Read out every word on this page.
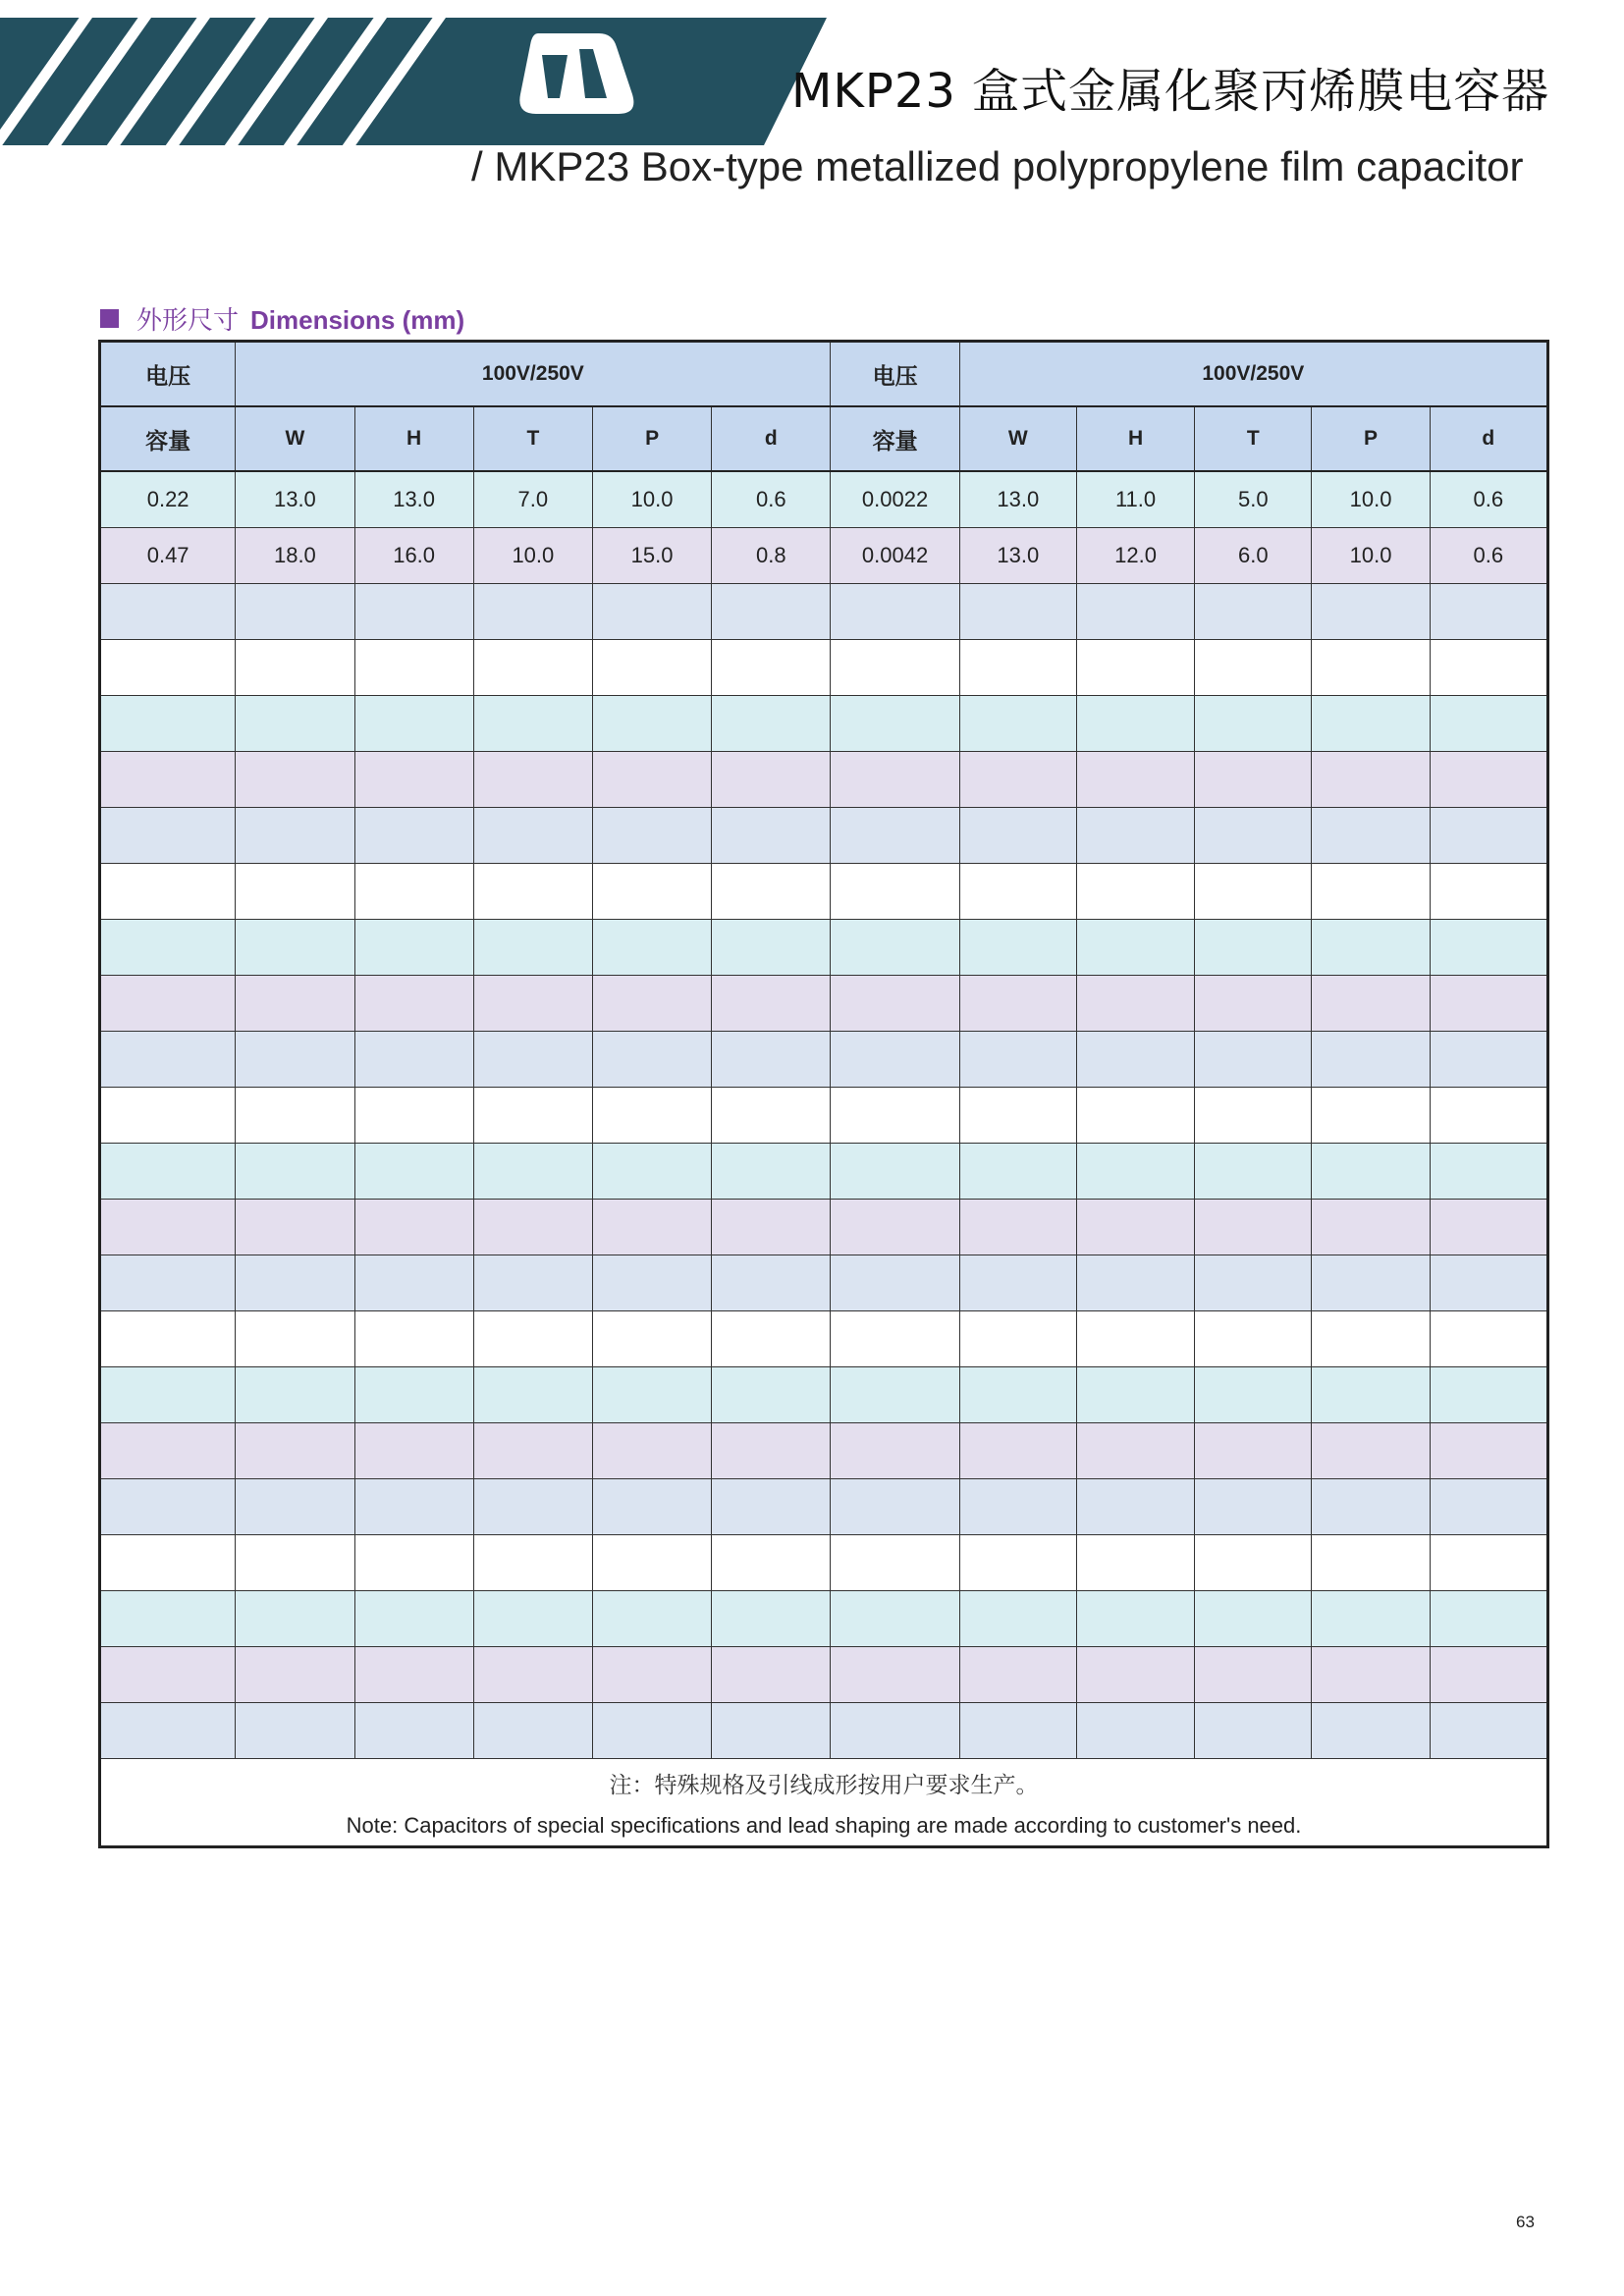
MKP23 盒式金属化聚丙烯膜电容器
/ MKP23 Box-type metallized polypropylene film capacitor
外形尺寸 Dimensions (mm)
电压	100V/250V					电压	100V/250V				
容量	W	H	T	P	d	容量	W	H	T	P	d
0.22	13.0	13.0	7.0	10.0	0.6	0.0022	13.0	11.0	5.0	10.0	0.6
0.47	18.0	16.0	10.0	15.0	0.8	0.0042	13.0	12.0	6.0	10.0	0.6

注：特殊规格及引线成形按用户要求生产。
Note: Capacitors of special specifications and lead shaping are made according to customer's need.											
63
